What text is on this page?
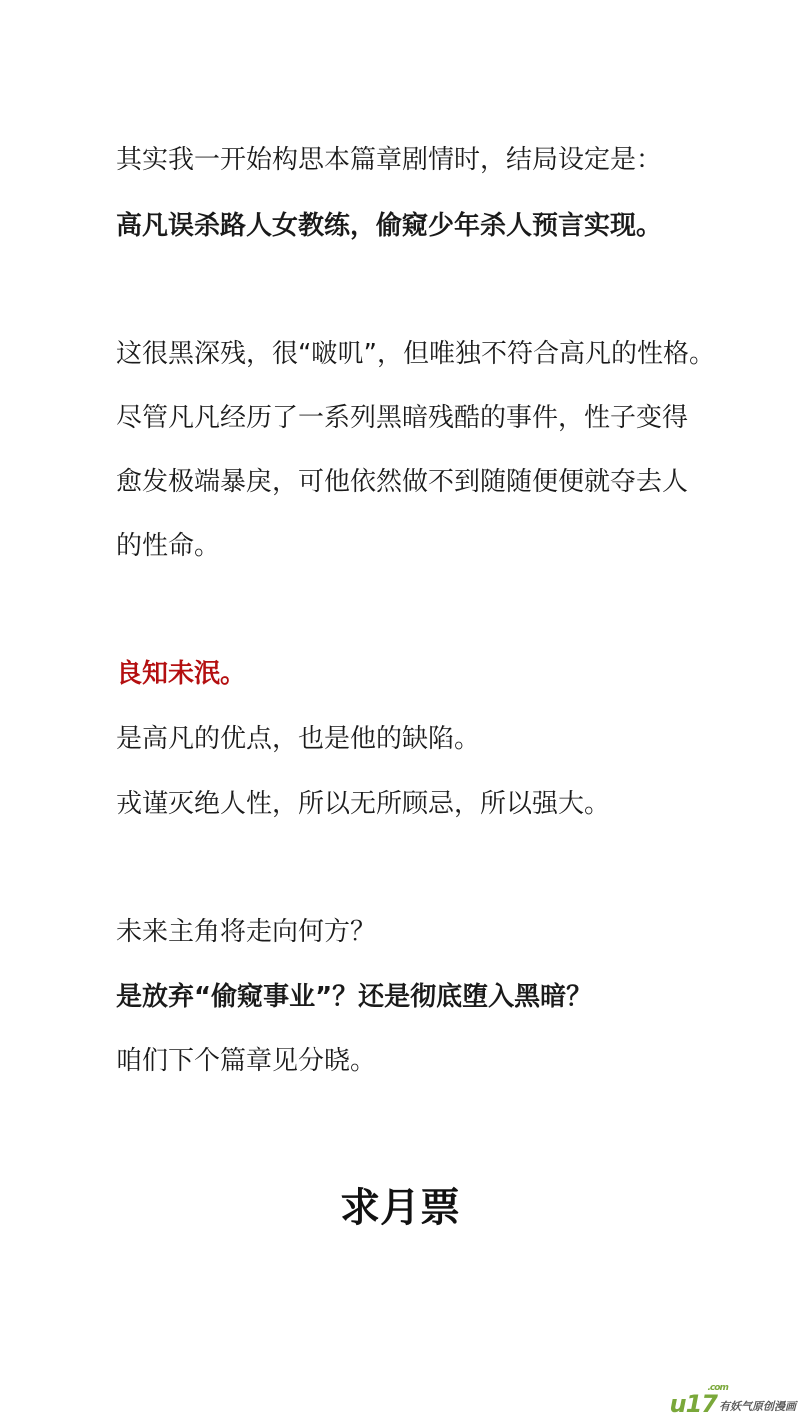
其实我一开始构思本篇章剧情时，结局设定是：

高凡误杀路人女教练，偷窥少年杀人预言实现。

这很黑深残，很“啵叽”，但唯独不符合高凡的性格。

尽管凡凡经历了一系列黑暗残酷的事件，性子变得

愈发极端暴戾，可他依然做不到随随便便就夺去人

的性命。

良知未泯。

是高凡的优点，也是他的缺陷。

戎谨灭绝人性，所以无所顾忌，所以强大。

未来主角将走向何方？

是放弃“偷窥事业”？还是彻底堕入黑暗？

咱们下个篇章见分晓。

求月票
u17
.com
有妖气原创漫画
